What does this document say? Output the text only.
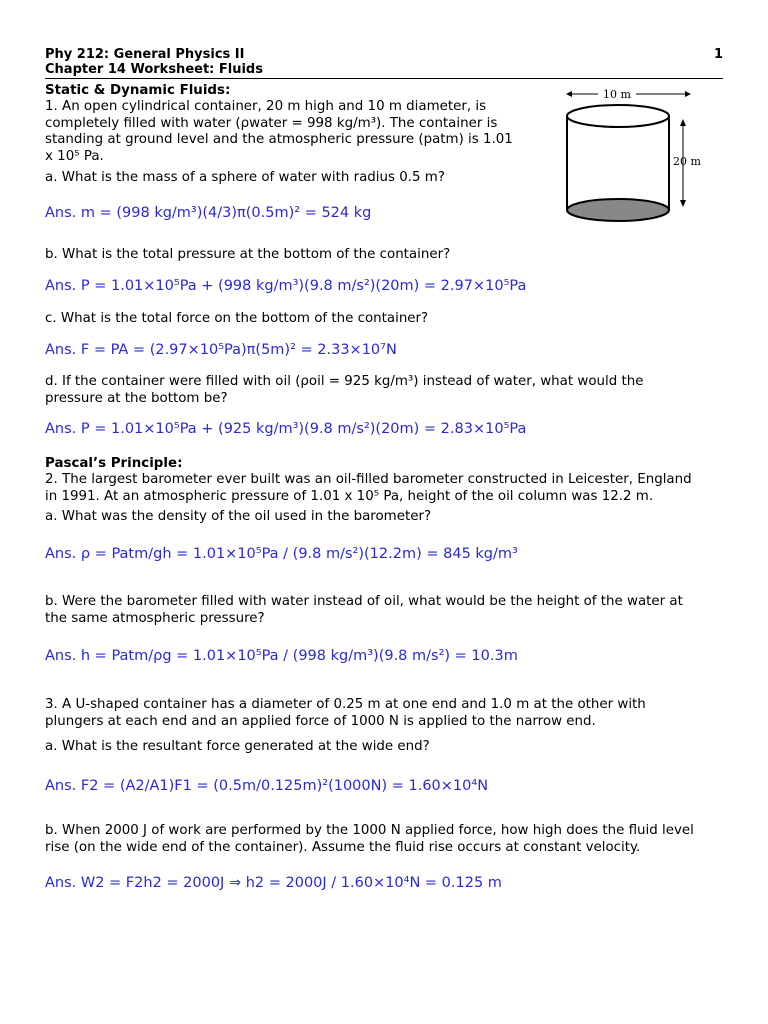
Phy 212: General Physics II	1
Chapter 14 Worksheet: Fluids
Static & Dynamic Fluids:
1. An open cylindrical container, 20 m high and 10 m diameter, is
completely filled with water (ρwater = 998 kg/m³). The container is
standing at ground level and the atmospheric pressure (patm) is 1.01
x 10⁵ Pa.
a. What is the mass of a sphere of water with radius 0.5 m?
Ans. m = (998 kg/m³)(4/3)π(0.5m)² = 524 kg
b. What is the total pressure at the bottom of the container?
Ans. P = 1.01×10⁵Pa + (998 kg/m³)(9.8 m/s²)(20m) = 2.97×10⁵Pa
c. What is the total force on the bottom of the container?
Ans. F = PA = (2.97×10⁵Pa)π(5m)² = 2.33×10⁷N
d. If the container were filled with oil (ρoil = 925 kg/m³) instead of water, what would the
pressure at the bottom be?
Ans. P = 1.01×10⁵Pa + (925 kg/m³)(9.8 m/s²)(20m) = 2.83×10⁵Pa
10 m
20 m
Pascal’s Principle:
2. The largest barometer ever built was an oil-filled barometer constructed in Leicester, England
in 1991. At an atmospheric pressure of 1.01 x 10⁵ Pa, height of the oil column was 12.2 m.
a. What was the density of the oil used in the barometer?
Ans. ρ = Patm/gh = 1.01×10⁵Pa / (9.8 m/s²)(12.2m) = 845 kg/m³
b. Were the barometer filled with water instead of oil, what would be the height of the water at
the same atmospheric pressure?
Ans. h = Patm/ρg = 1.01×10⁵Pa / (998 kg/m³)(9.8 m/s²) = 10.3m
3. A U-shaped container has a diameter of 0.25 m at one end and 1.0 m at the other with
plungers at each end and an applied force of 1000 N is applied to the narrow end.
a. What is the resultant force generated at the wide end?
Ans. F2 = (A2/A1)F1 = (0.5m/0.125m)²(1000N) = 1.60×10⁴N
b. When 2000 J of work are performed by the 1000 N applied force, how high does the fluid level
rise (on the wide end of the container). Assume the fluid rise occurs at constant velocity.
Ans. W2 = F2h2 = 2000J ⇒ h2 = 2000J / 1.60×10⁴N = 0.125 m
